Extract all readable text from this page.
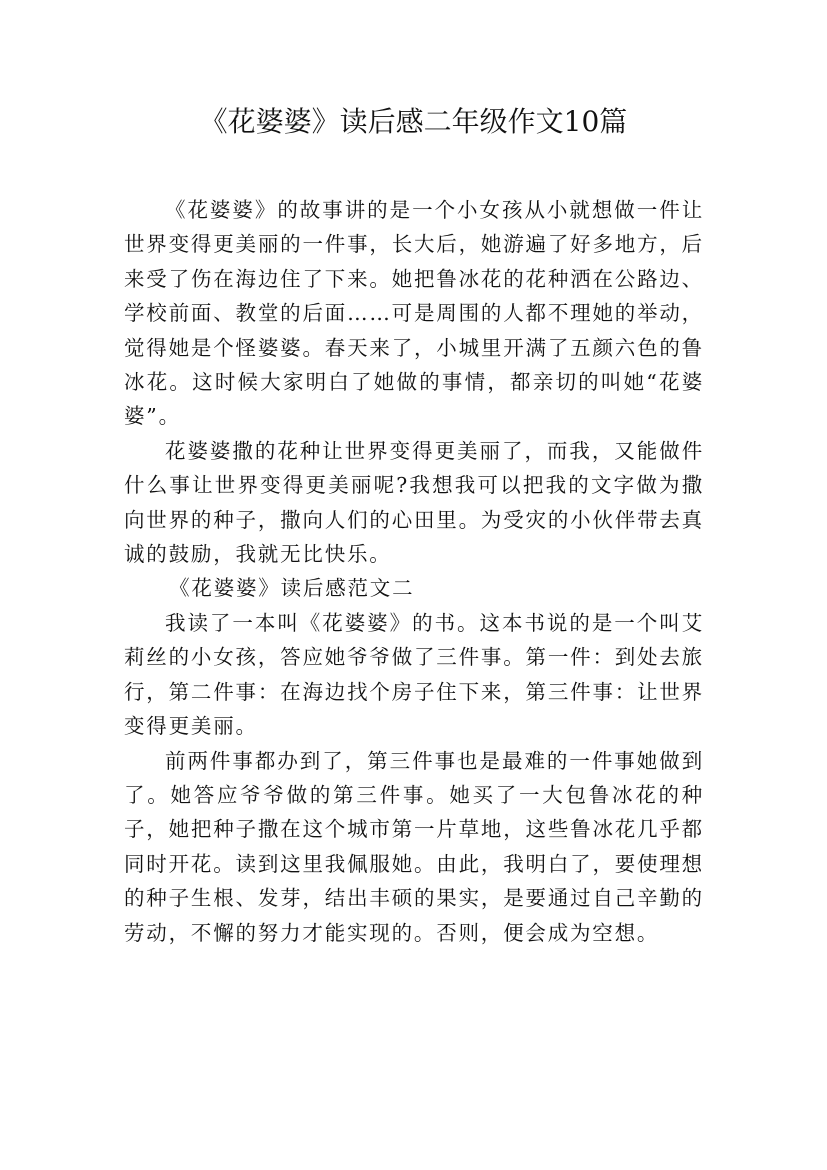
《花婆婆》读后感二年级作文10篇

《花婆婆》的故事讲的是一个小女孩从小就想做一件让世界变得更美丽的一件事，长大后，她游遍了好多地方，后来受了伤在海边住了下来。她把鲁冰花的花种洒在公路边、学校前面、教堂的后面……可是周围的人都不理她的举动，觉得她是个怪婆婆。春天来了，小城里开满了五颜六色的鲁冰花。这时候大家明白了她做的事情，都亲切的叫她“花婆婆”。

花婆婆撒的花种让世界变得更美丽了，而我，又能做件什么事让世界变得更美丽呢?我想我可以把我的文字做为撒向世界的种子，撒向人们的心田里。为受灾的小伙伴带去真诚的鼓励，我就无比快乐。

《花婆婆》读后感范文二

我读了一本叫《花婆婆》的书。这本书说的是一个叫艾莉丝的小女孩，答应她爷爷做了三件事。第一件：到处去旅行，第二件事：在海边找个房子住下来，第三件事：让世界变得更美丽。

前两件事都办到了，第三件事也是最难的一件事她做到了。她答应爷爷做的第三件事。她买了一大包鲁冰花的种子，她把种子撒在这个城市第一片草地，这些鲁冰花几乎都同时开花。读到这里我佩服她。由此，我明白了，要使理想的种子生根、发芽，结出丰硕的果实，是要通过自己辛勤的劳动，不懈的努力才能实现的。否则，便会成为空想。
